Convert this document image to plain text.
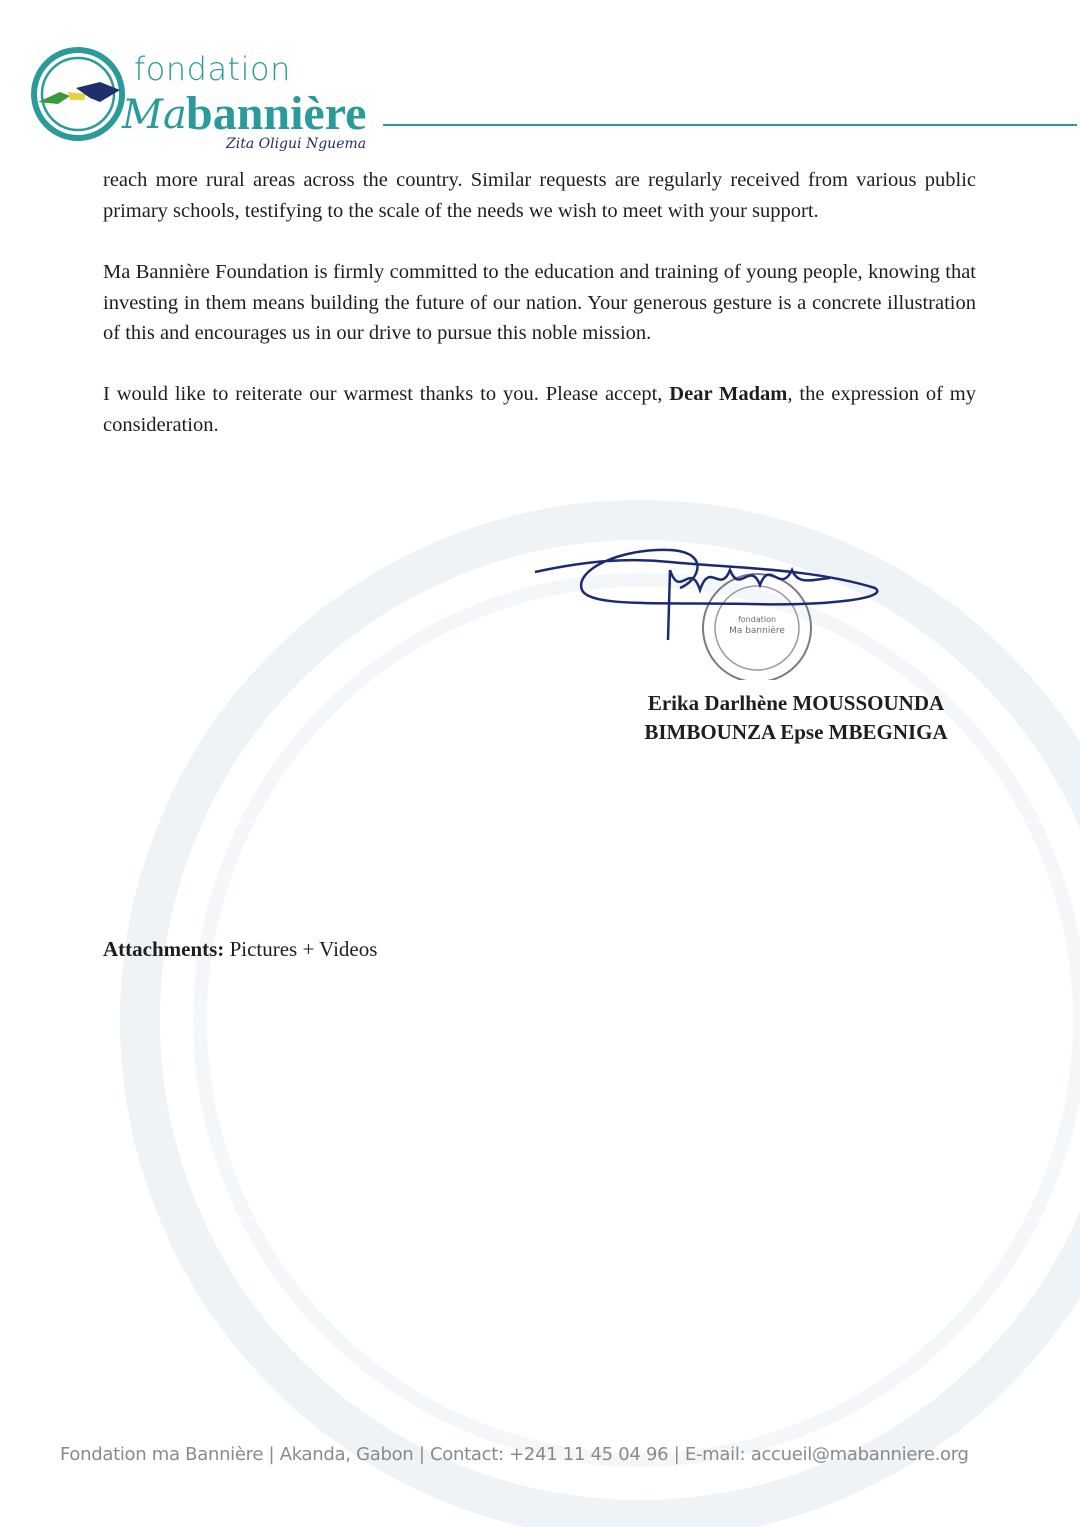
fondation
Ma bannière
Zita Oligui Nguema

reach more rural areas across the country. Similar requests are regularly received from various public primary schools, testifying to the scale of the needs we wish to meet with your support.

Ma Bannière Foundation is firmly committed to the education and training of young people, knowing that investing in them means building the future of our nation. Your generous gesture is a concrete illustration of this and encourages us in our drive to pursue this noble mission.

I would like to reiterate our warmest thanks to you. Please accept, Dear Madam, the expression of my consideration.

fondation
Ma bannière
Erika Darlhène MOUSSOUNDA
BIMBOUNZA Epse MBEGNIGA
Attachments: Pictures + Videos
Fondation ma Bannière | Akanda, Gabon | Contact: +241 11 45 04 96 | E-mail: accueil@mabanniere.org
